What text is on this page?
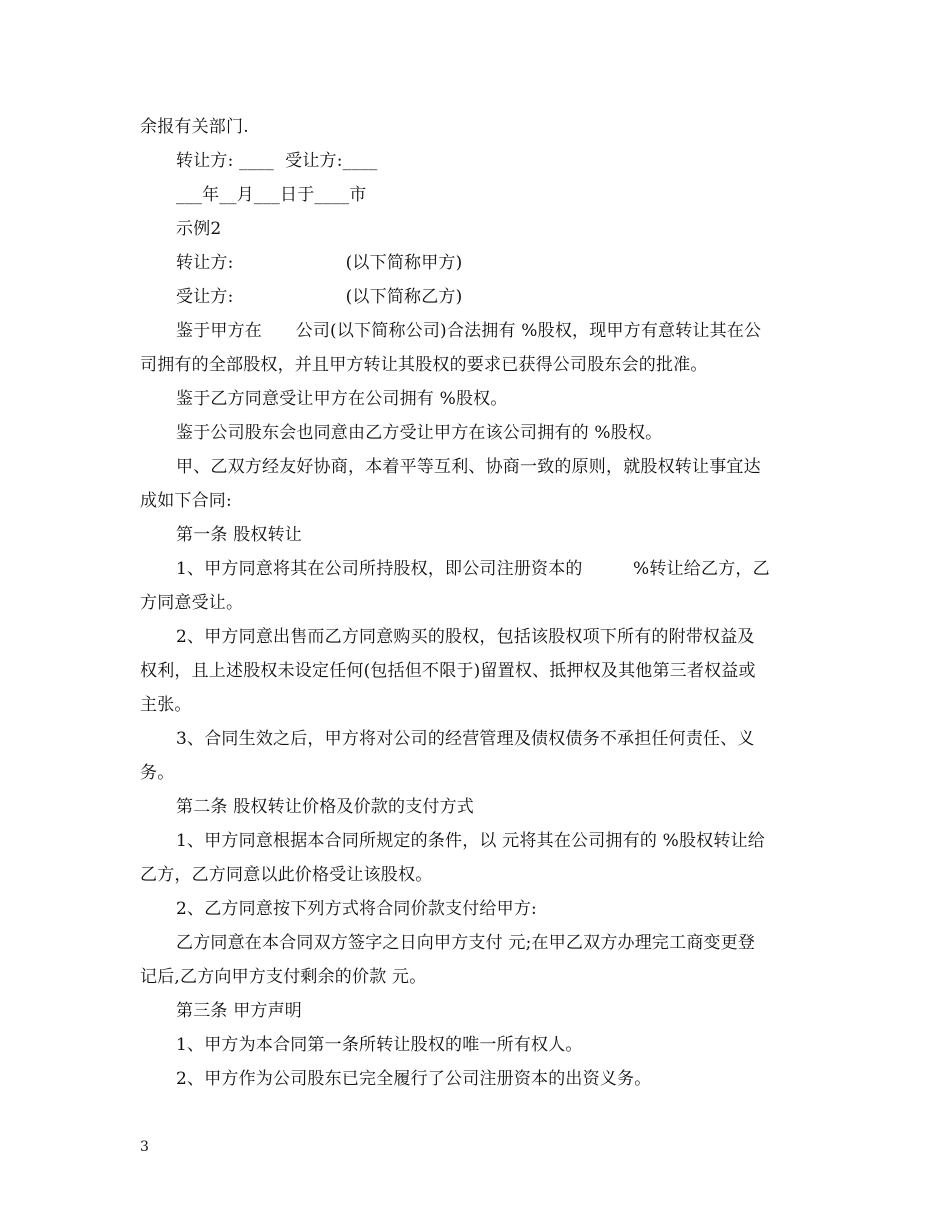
余报有关部门.
转让方: ____  受让方:____
___年__月___日于____市
示例2
转让方:                    (以下简称甲方)
受让方:                    (以下简称乙方)
鉴于甲方在      公司(以下简称公司)合法拥有 %股权，现甲方有意转让其在公
司拥有的全部股权，并且甲方转让其股权的要求已获得公司股东会的批准。
鉴于乙方同意受让甲方在公司拥有 %股权。
鉴于公司股东会也同意由乙方受让甲方在该公司拥有的 %股权。
甲、乙双方经友好协商，本着平等互利、协商一致的原则，就股权转让事宜达
成如下合同:
第一条 股权转让
1、甲方同意将其在公司所持股权，即公司注册资本的         %转让给乙方，乙
方同意受让。
2、甲方同意出售而乙方同意购买的股权，包括该股权项下所有的附带权益及
权利，且上述股权未设定任何(包括但不限于)留置权、抵押权及其他第三者权益或
主张。
3、合同生效之后，甲方将对公司的经营管理及债权债务不承担任何责任、义
务。
第二条 股权转让价格及价款的支付方式
1、甲方同意根据本合同所规定的条件，以 元将其在公司拥有的 %股权转让给
乙方，乙方同意以此价格受让该股权。
2、乙方同意按下列方式将合同价款支付给甲方:
乙方同意在本合同双方签字之日向甲方支付 元;在甲乙双方办理完工商变更登
记后,乙方向甲方支付剩余的价款 元。
第三条 甲方声明
1、甲方为本合同第一条所转让股权的唯一所有权人。
2、甲方作为公司股东已完全履行了公司注册资本的出资义务。
3
